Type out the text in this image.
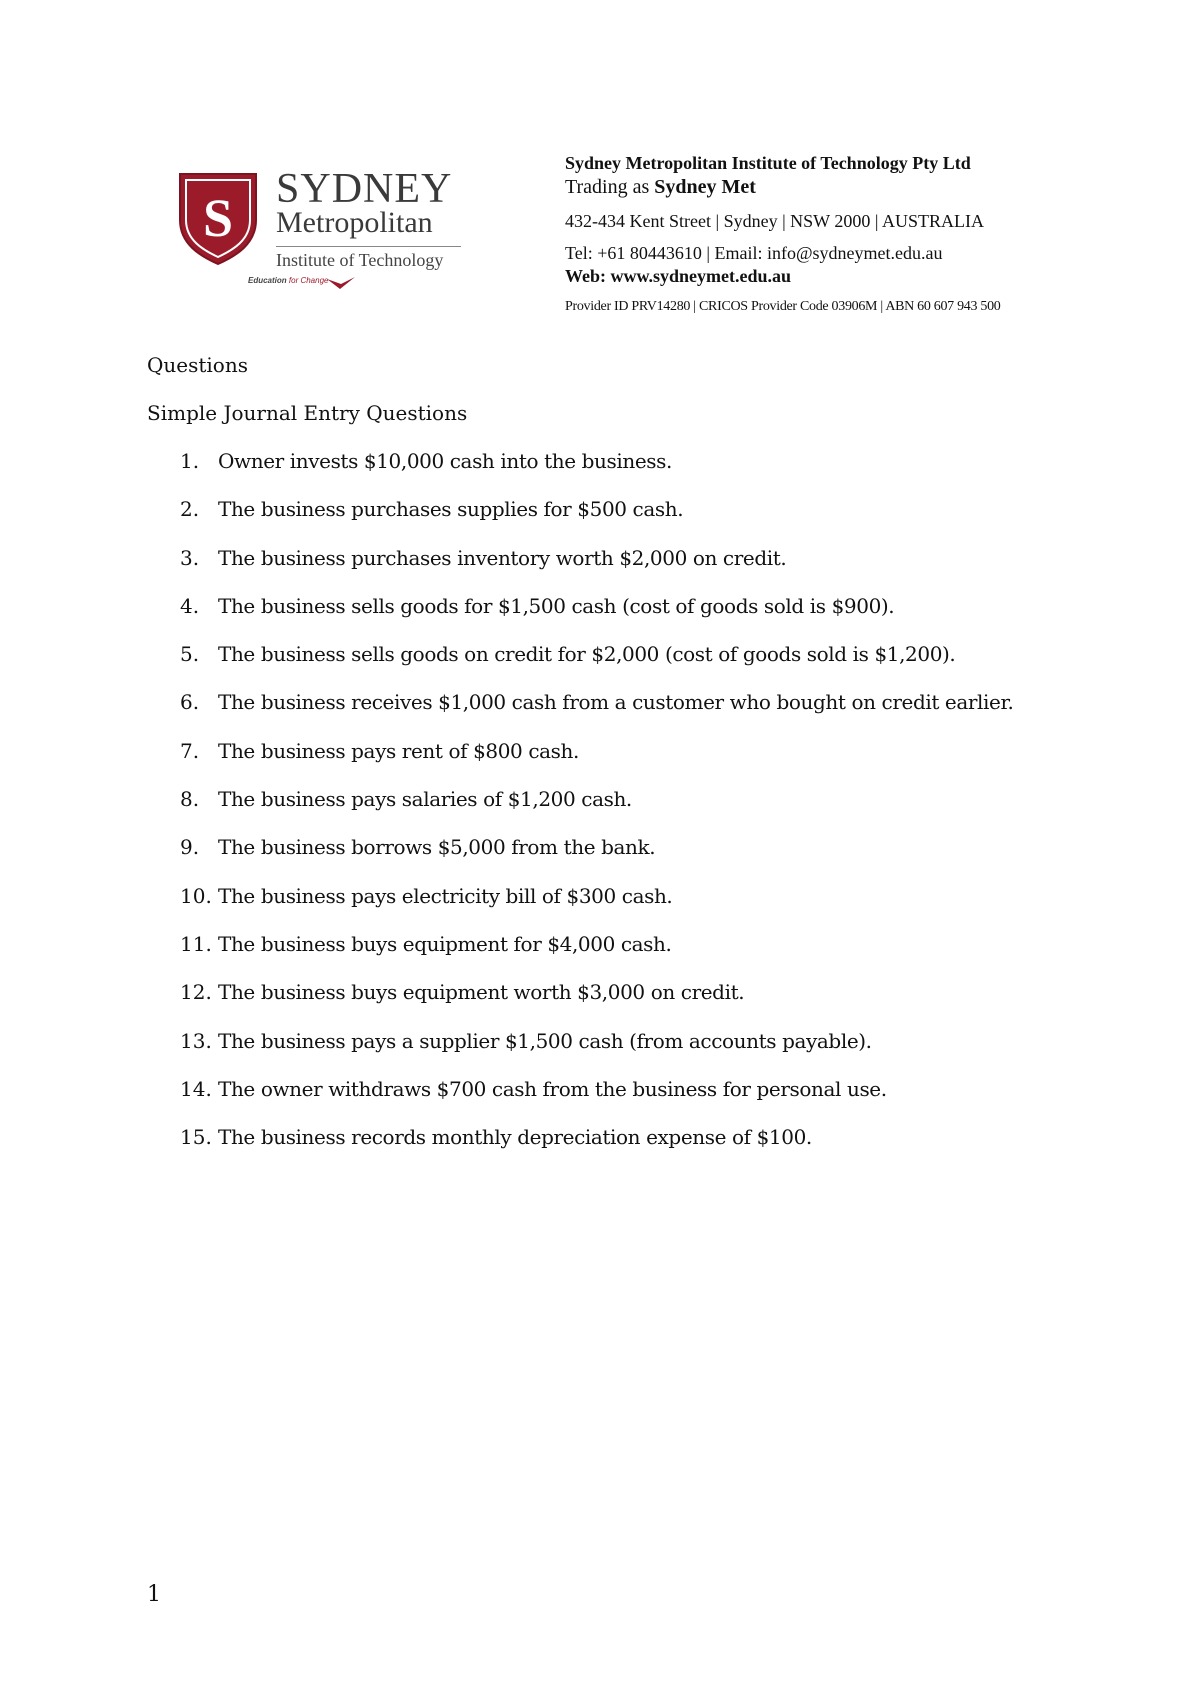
S SYDNEY
Metropolitan
Institute of Technology
Education for Change
Sydney Metropolitan Institute of Technology Pty Ltd
Trading as Sydney Met
432-434 Kent Street | Sydney | NSW 2000 | AUSTRALIA
Tel: +61 80443610 | Email: info@sydneymet.edu.au
Web: www.sydneymet.edu.au
Provider ID PRV14280 | CRICOS Provider Code 03906M | ABN 60 607 943 500
Questions
Simple Journal Entry Questions
1. Owner invests $10,000 cash into the business.
2. The business purchases supplies for $500 cash.
3. The business purchases inventory worth $2,000 on credit.
4. The business sells goods for $1,500 cash (cost of goods sold is $900).
5. The business sells goods on credit for $2,000 (cost of goods sold is $1,200).
6. The business receives $1,000 cash from a customer who bought on credit earlier.
7. The business pays rent of $800 cash.
8. The business pays salaries of $1,200 cash.
9. The business borrows $5,000 from the bank.
10. The business pays electricity bill of $300 cash.
11. The business buys equipment for $4,000 cash.
12. The business buys equipment worth $3,000 on credit.
13. The business pays a supplier $1,500 cash (from accounts payable).
14. The owner withdraws $700 cash from the business for personal use.
15. The business records monthly depreciation expense of $100.
1
